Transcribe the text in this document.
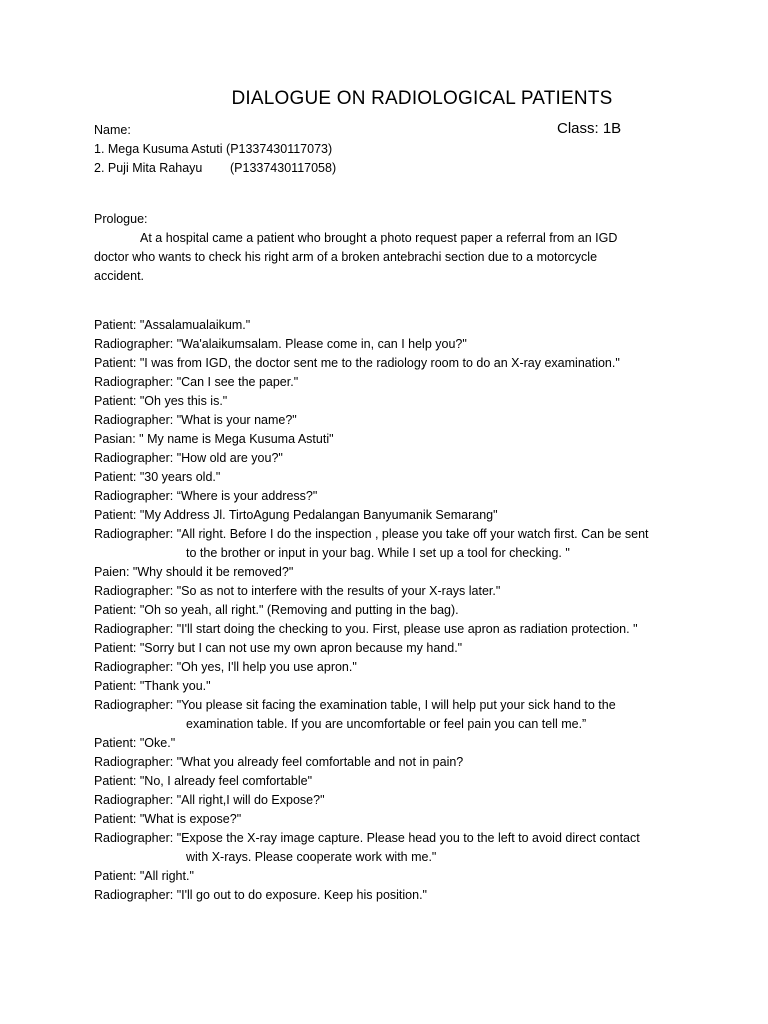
DIALOGUE ON RADIOLOGICAL PATIENTS
Name:	Class: 1B
1. Mega Kusuma Astuti (P1337430117073)
2. Puji Mita Rahayu (P1337430117058)
Prologue:
At a hospital came a patient who brought a photo request paper a referral from an IGD
doctor who wants to check his right arm of a broken antebrachi section due to a motorcycle
accident.
Patient: "Assalamualaikum."
Radiographer: "Wa'alaikumsalam. Please come in, can I help you?"
Patient: "I was from IGD, the doctor sent me to the radiology room to do an X-ray examination."
Radiographer: "Can I see the paper."
Patient: "Oh yes this is."
Radiographer: "What is your name?"
Pasian: " My name is Mega Kusuma Astuti"
Radiographer: "How old are you?"
Patient: "30 years old."
Radiographer: “Where is your address?"
Patient: "My Address Jl. TirtoAgung Pedalangan Banyumanik Semarang"
Radiographer: "All right. Before I do the inspection , please you take off your watch first. Can be sent
to the brother or input in your bag. While I set up a tool for checking. "
Paien: "Why should it be removed?"
Radiographer: "So as not to interfere with the results of your X-rays later."
Patient: "Oh so yeah, all right." (Removing and putting in the bag).
Radiographer: "I'll start doing the checking to you. First, please use apron as radiation protection. "
Patient: "Sorry but I can not use my own apron because my hand."
Radiographer: "Oh yes, I'll help you use apron."
Patient: "Thank you."
Radiographer: "You please sit facing the examination table, I will help put your sick hand to the
examination table. If you are uncomfortable or feel pain you can tell me.”
Patient: "Oke."
Radiographer: "What you already feel comfortable and not in pain?
Patient: "No, I already feel comfortable"
Radiographer: "All right,I will do Expose?"
Patient: "What is expose?"
Radiographer: "Expose the X-ray image capture. Please head you to the left to avoid direct contact
with X-rays. Please cooperate work with me."
Patient: "All right."
Radiographer: "I'll go out to do exposure. Keep his position."
